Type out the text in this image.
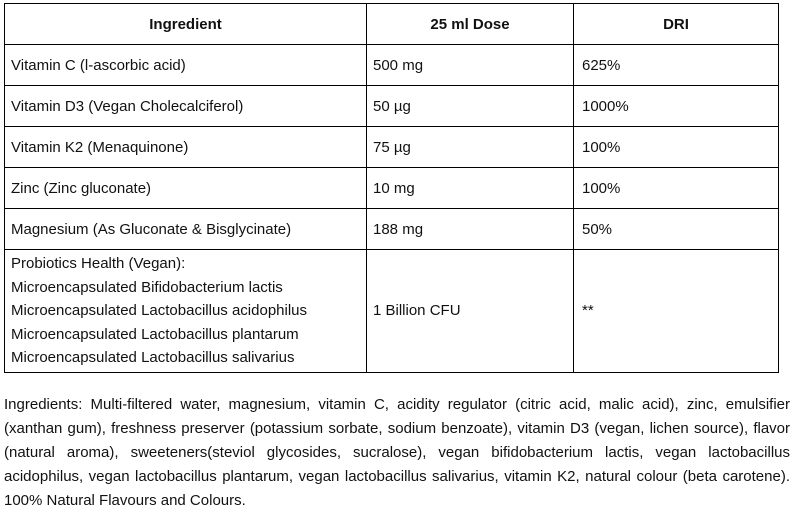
Ingredient	25 ml Dose	DRI
Vitamin C (l-ascorbic acid)	500 mg	625%
Vitamin D3 (Vegan Cholecalciferol)	50 µg	1000%
Vitamin K2 (Menaquinone)	75 µg	100%
Zinc (Zinc gluconate)	10 mg	100%
Magnesium (As Gluconate & Bisglycinate)	188 mg	50%

Probiotics Health (Vegan):
Microencapsulated Bifidobacterium lactis
Microencapsulated Lactobacillus acidophilus
Microencapsulated Lactobacillus plantarum
Microencapsulated Lactobacillus salivarius	1 Billion CFU	**

Ingredients: Multi-filtered water, magnesium, vitamin C, acidity regulator (citric acid, malic acid), zinc, emulsifier (xanthan gum), freshness preserver (potassium sorbate, sodium benzoate), vitamin D3 (vegan, lichen source), flavor (natural aroma), sweeteners(steviol glycosides, sucralose), vegan bifidobacterium lactis, vegan lactobacillus acidophilus, vegan lactobacillus plantarum, vegan lactobacillus salivarius, vitamin K2, natural colour (beta carotene). 100% Natural Flavours and Colours.
